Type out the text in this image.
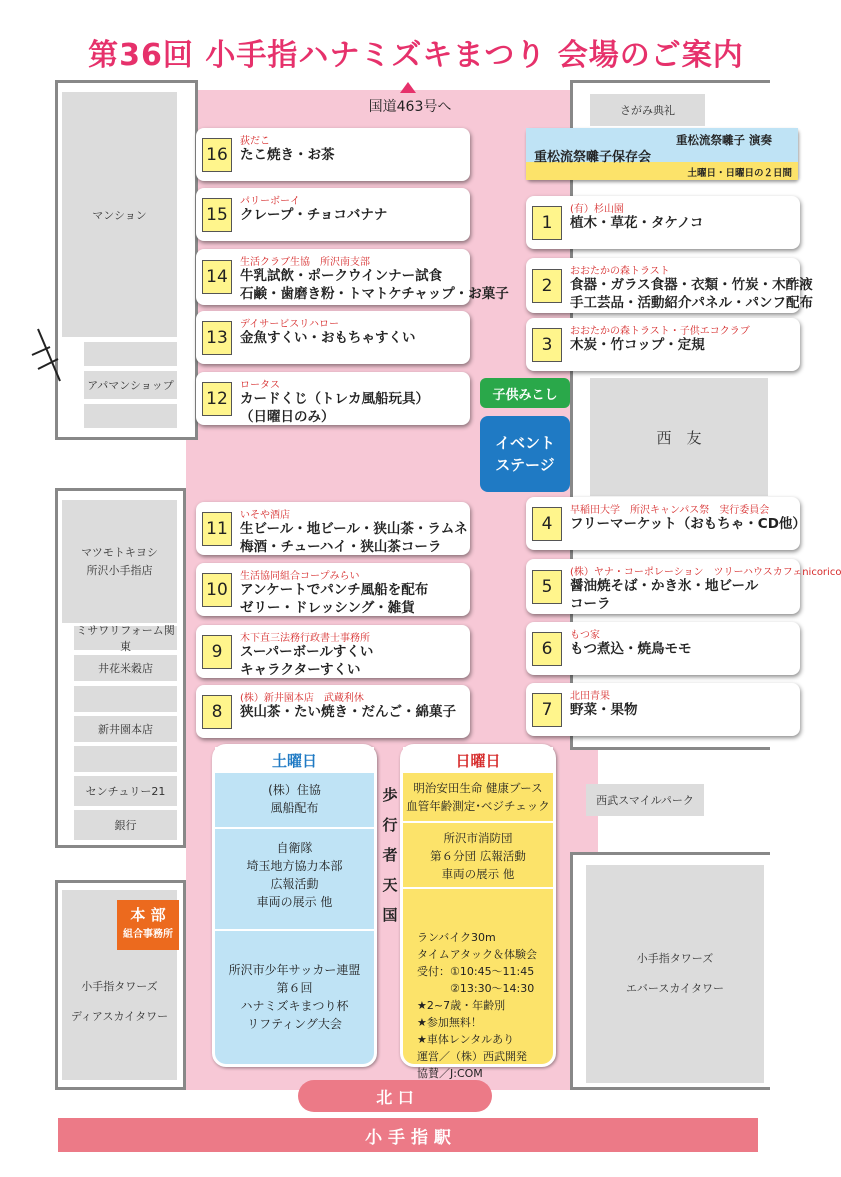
第36回 小手指ハナミズキまつり 会場のご案内
国道463号へ
マンション
アパマンショップ
マツモトキヨシ
所沢小手指店
ミサワリフォーム関東
井花米穀店
新井園本店
センチュリー21
銀行
小手指タワーズ
ディアスカイタワー
本 部
組合事務所
さがみ典礼
西　友
西武スマイルパーク
小手指タワーズ
エバースカイタワー
重松流祭囃子 演奏
重松流祭囃子保存会
土曜日・日曜日の２日間
子供みこし
イベント
ステージ
16
荻だこ
たこ焼き・お茶
15
パリーボーイ
クレープ・チョコバナナ
14
生活クラブ生協　所沢南支部
牛乳試飲・ポークウインナー試食
石鹸・歯磨き粉・トマトケチャップ・お菓子
13
デイサービスリハロー
金魚すくい・おもちゃすくい
12
ロータス
カードくじ（トレカ風船玩具）
（日曜日のみ）
11
いそや酒店
生ビール・地ビール・狭山茶・ラムネ
梅酒・チューハイ・狭山茶コーラ
10
生活協同組合コープみらい
アンケートでパンチ風船を配布
ゼリー・ドレッシング・雑貨
9
木下直三法務行政書士事務所
スーパーボールすくい
キャラクターすくい
8
(株）新井園本店　武蔵利休
狭山茶・たい焼き・だんご・綿菓子
1
(有）杉山園
植木・草花・タケノコ
2
おおたかの森トラスト
食器・ガラス食器・衣類・竹炭・木酢液
手工芸品・活動紹介パネル・パンフ配布
3
おおたかの森トラスト・子供エコクラブ
木炭・竹コップ・定規
4
早稲田大学　所沢キャンパス祭　実行委員会
フリーマーケット（おもちゃ・CD他）
5
(株）ヤナ・コーポレーション　ツリーハウスカフェnicorico
醤油焼そば・かき氷・地ビール
コーラ
6
もつ家
もつ煮込・焼鳥モモ
7
北田青果
野菜・果物
土曜日
(株）住協
風船配布
自衛隊
埼玉地方協力本部
広報活動
車両の展示 他
所沢市少年サッカー連盟
第６回
ハナミズキまつり杯
リフティング大会
歩
行
者
天
国
日曜日
明治安田生命 健康ブース
血管年齢測定･ベジチェック
所沢市消防団
第６分団 広報活動
車両の展示 他

ランバイク30m
タイムアタック＆体験会
受付：①10:45～11:45
　　　②13:30～14:30
★2~7歳・年齢別
★参加無料！
★車体レンタルあり
運営／（株）西武開発
協賛／J:COM

北 口
小 手 指 駅
